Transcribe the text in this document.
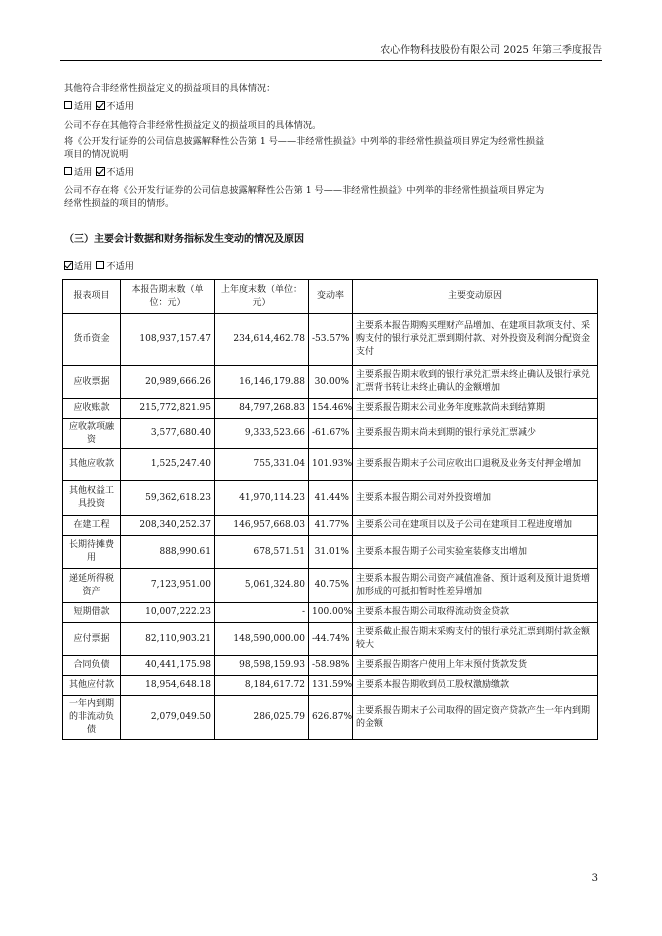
农心作物科技股份有限公司 2025 年第三季度报告
其他符合非经常性损益定义的损益项目的具体情况：
适用 不适用
公司不存在其他符合非经常性损益定义的损益项目的具体情况。
将《公开发行证券的公司信息披露解释性公告第 1 号——非经常性损益》中列举的非经常性损益项目界定为经常性损益
项目的情况说明
适用 不适用
公司不存在将《公开发行证券的公司信息披露解释性公告第 1 号——非经常性损益》中列举的非经常性损益项目界定为
经常性损益的项目的情形。
（三）主要会计数据和财务指标发生变动的情况及原因
适用 不适用
报表项目	本报告期末数（单位：元）	上年度末数（单位：元）	变动率	主要变动原因
货币资金	108,937,157.47	234,614,462.78	-53.57%	主要系本报告期购买理财产品增加、在建项目款项支付、采购支付的银行承兑汇票到期付款、对外投资及利润分配资金支付
应收票据	20,989,666.26	16,146,179.88	30.00%	主要系报告期末收到的银行承兑汇票未终止确认及银行承兑汇票背书转让未终止确认的金额增加
应收账款	215,772,821.95	84,797,268.83	154.46%	主要系报告期末公司业务年度账款尚未到结算期
应收款项融资	3,577,680.40	9,333,523.66	-61.67%	主要系报告期末尚未到期的银行承兑汇票减少
其他应收款	1,525,247.40	755,331.04	101.93%	主要系报告期末子公司应收出口退税及业务支付押金增加
其他权益工具投资	59,362,618.23	41,970,114.23	41.44%	主要系本报告期公司对外投资增加
在建工程	208,340,252.37	146,957,668.03	41.77%	主要系公司在建项目以及子公司在建项目工程进度增加
长期待摊费用	888,990.61	678,571.51	31.01%	主要系本报告期子公司实验室装修支出增加
递延所得税资产	7,123,951.00	5,061,324.80	40.75%	主要系本报告期公司资产减值准备、预计返利及预计退货增加形成的可抵扣暂时性差异增加
短期借款	10,007,222.23	-	100.00%	主要系本报告期公司取得流动资金贷款
应付票据	82,110,903.21	148,590,000.00	-44.74%	主要系截止报告期末采购支付的银行承兑汇票到期付款金额较大
合同负债	40,441,175.98	98,598,159.93	-58.98%	主要系报告期客户使用上年末预付货款发货
其他应付款	18,954,648.18	8,184,617.72	131.59%	主要系本报告期收到员工股权激励缴款
一年内到期的非流动负债	2,079,049.50	286,025.79	626.87%	主要系报告期末子公司取得的固定资产贷款产生一年内到期的金额
3
